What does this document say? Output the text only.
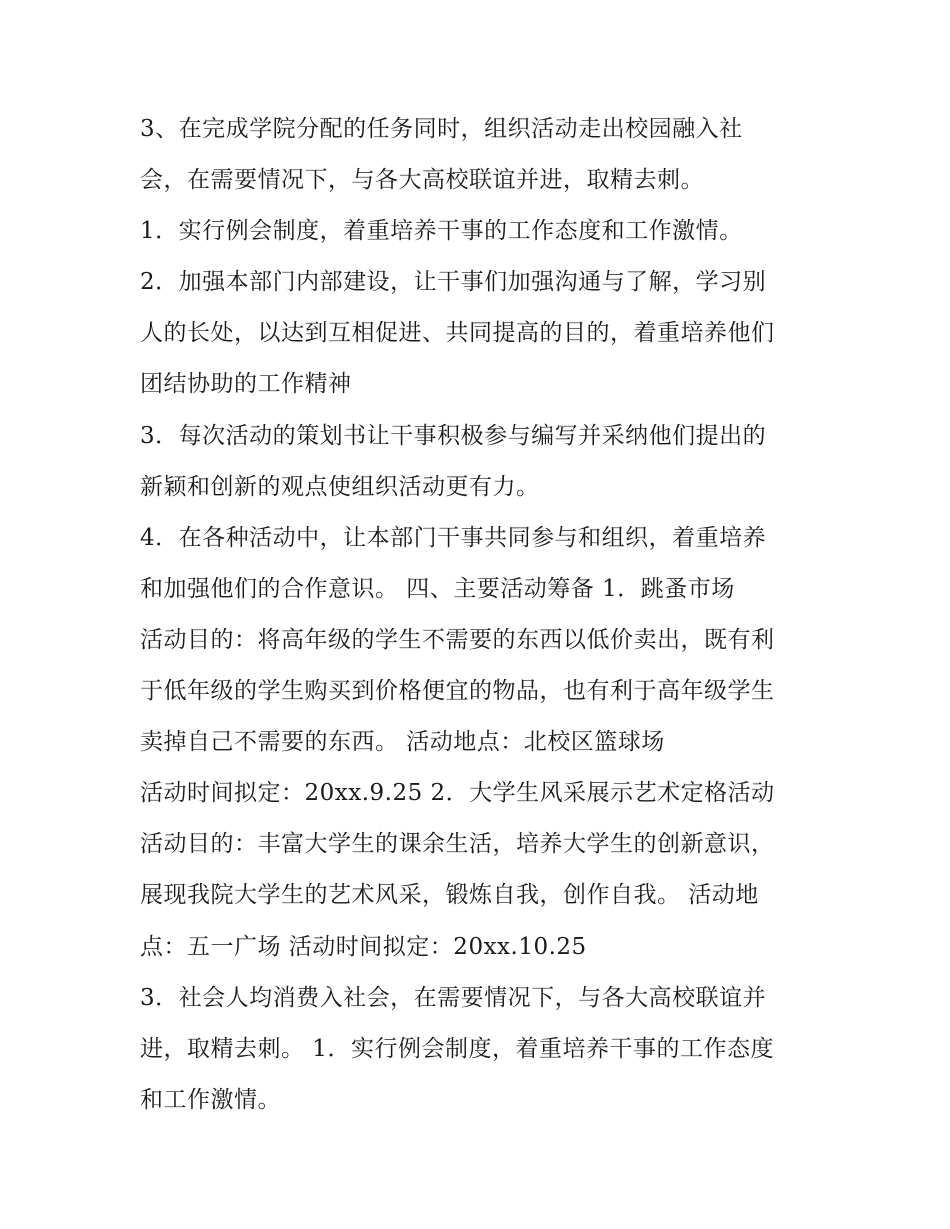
3、在完成学院分配的任务同时，组织活动走出校园融入社
会，在需要情况下，与各大高校联谊并进，取精去刺。
1．实行例会制度，着重培养干事的工作态度和工作激情。
2．加强本部门内部建设，让干事们加强沟通与了解，学习别
人的长处，以达到互相促进、共同提高的目的，着重培养他们
团结协助的工作精神
3．每次活动的策划书让干事积极参与编写并采纳他们提出的
新颖和创新的观点使组织活动更有力。
4．在各种活动中，让本部门干事共同参与和组织，着重培养
和加强他们的合作意识。 四、主要活动筹备 1．跳蚤市场
活动目的：将高年级的学生不需要的东西以低价卖出，既有利
于低年级的学生购买到价格便宜的物品，也有利于高年级学生
卖掉自己不需要的东西。 活动地点：北校区篮球场
活动时间拟定：20xx.9.25 2．大学生风采展示艺术定格活动
活动目的：丰富大学生的课余生活，培养大学生的创新意识，
展现我院大学生的艺术风采，锻炼自我，创作自我。 活动地
点：五一广场 活动时间拟定：20xx.10.25
3．社会人均消费入社会，在需要情况下，与各大高校联谊并
进，取精去刺。 1．实行例会制度，着重培养干事的工作态度
和工作激情。
